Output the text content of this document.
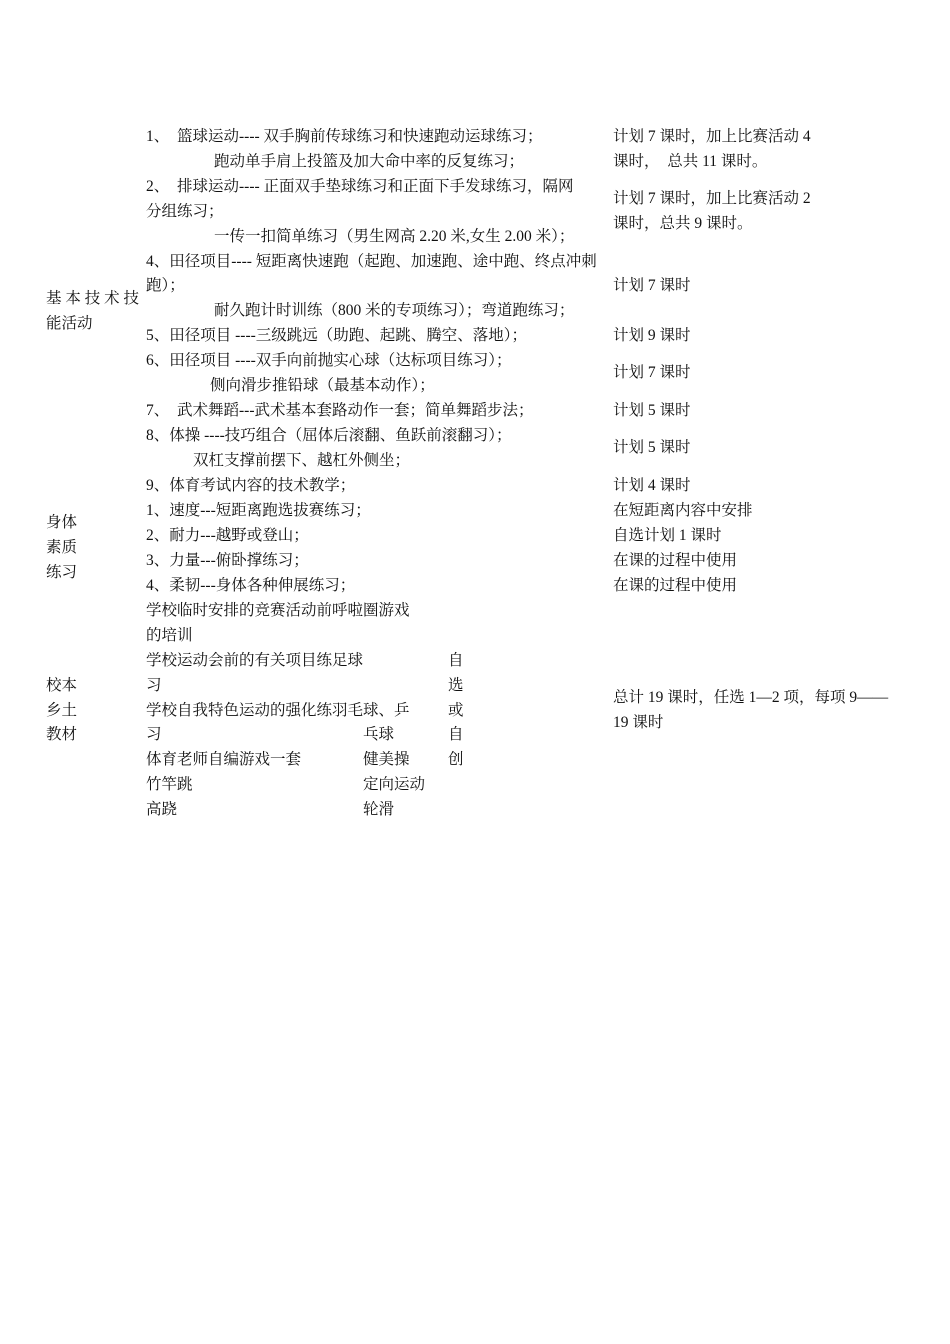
基 本 技 术 技
能活动
身体
素质
练习
校本
乡土
教材
1、　篮球运动---- 双手胸前传球练习和快速跑动运球练习；
跑动单手肩上投篮及加大命中率的反复练习；
2、　排球运动---- 正面双手垫球练习和正面下手发球练习，隔网
分组练习；
一传一扣简单练习（男生网高 2.20 米,女生 2.00 米）；
4、田径项目---- 短距离快速跑（起跑、加速跑、途中跑、终点冲刺
跑）；
耐久跑计时训练（800 米的专项练习）；弯道跑练习；
5、田径项目 ----三级跳远（助跑、起跳、腾空、落地）；
6、田径项目 ----双手向前抛实心球（达标项目练习）；
侧向滑步推铅球（最基本动作）；
7、　武术舞蹈---武术基本套路动作一套；简单舞蹈步法；
8、体操 ----技巧组合（屈体后滚翻、鱼跃前滚翻习）；
双杠支撑前摆下、越杠外侧坐；
9、体育考试内容的技术教学；
1、速度---短距离跑选拔赛练习；
2、耐力---越野或登山；
3、力量---俯卧撑练习；
4、柔韧---身体各种伸展练习；
学校临时安排的竞赛活动前呼啦圈游戏
的培训
学校运动会前的有关项目练足球
习
学校自我特色运动的强化练羽毛球、乒
习
体育老师自编游戏一套
竹竿跳
高跷
乓球
健美操
定向运动
轮滑
自
选
或
自
创
计划 7 课时，加上比赛活动 4
课时，　总共 11 课时。
计划 7 课时，加上比赛活动 2
课时，总共 9 课时。
计划 7 课时
计划 9 课时
计划 7 课时
计划 5 课时
计划 5 课时
计划 4 课时
在短距离内容中安排
自选计划 1 课时
在课的过程中使用
在课的过程中使用
总计 19 课时，任选 1—2 项，每项 9——
19 课时
